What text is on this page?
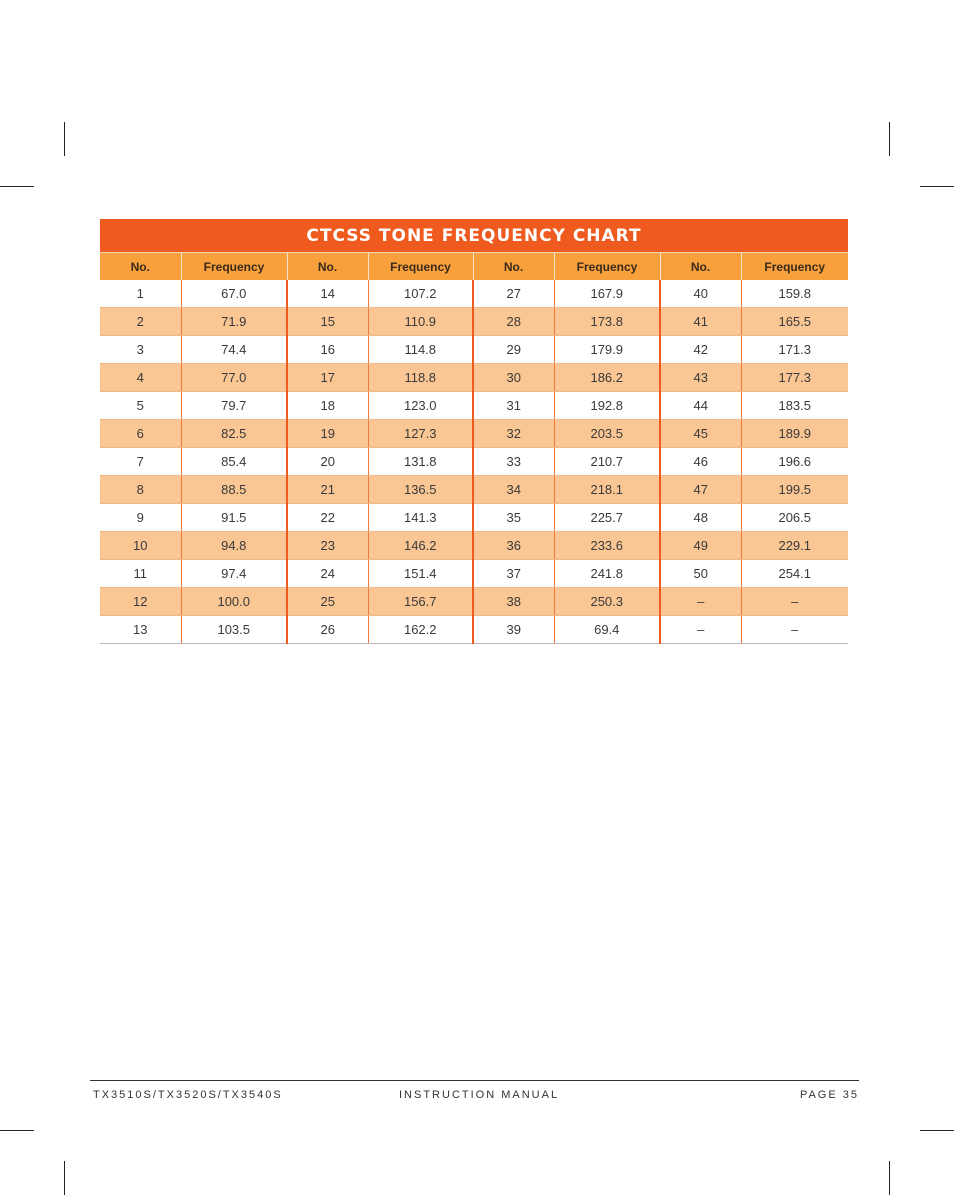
CTCSS TONE FREQUENCY CHART
No.	Frequency	No.	Frequency	No.	Frequency	No.	Frequency
1	67.0	14	107.2	27	167.9	40	159.8
2	71.9	15	110.9	28	173.8	41	165.5
3	74.4	16	114.8	29	179.9	42	171.3
4	77.0	17	118.8	30	186.2	43	177.3
5	79.7	18	123.0	31	192.8	44	183.5
6	82.5	19	127.3	32	203.5	45	189.9
7	85.4	20	131.8	33	210.7	46	196.6
8	88.5	21	136.5	34	218.1	47	199.5
9	91.5	22	141.3	35	225.7	48	206.5
10	94.8	23	146.2	36	233.6	49	229.1
11	97.4	24	151.4	37	241.8	50	254.1
12	100.0	25	156.7	38	250.3	–	–
13	103.5	26	162.2	39	69.4	–	–
TX3510S/TX3520S/TX3540S	INSTRUCTION MANUAL	PAGE 35
